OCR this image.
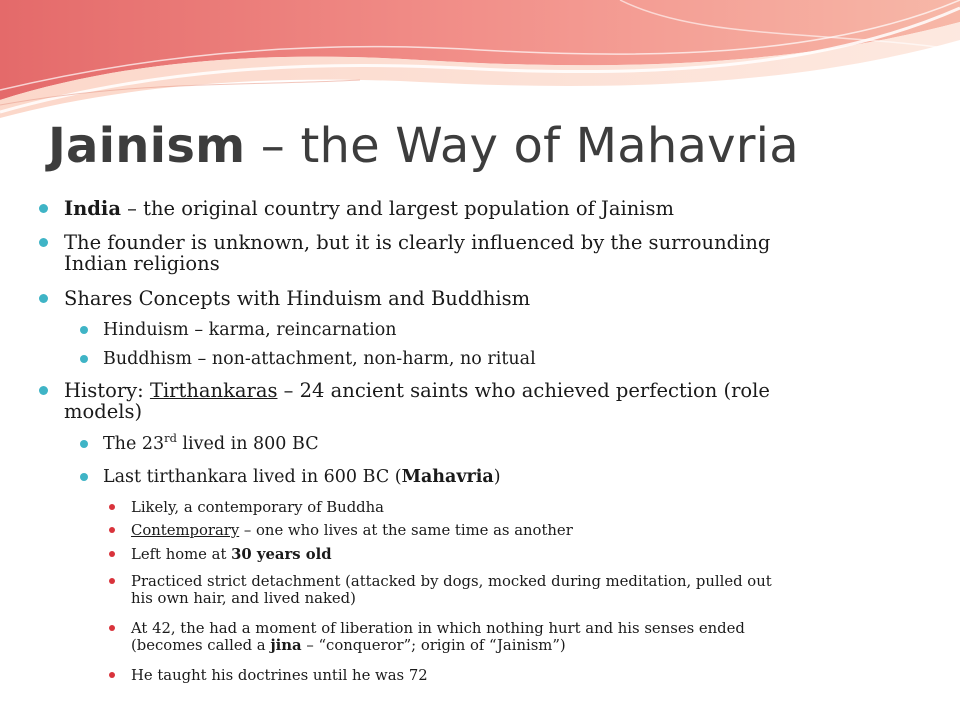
Jainism – the Way of Mahavria
India – the original country and largest population of Jainism
The founder is unknown, but it is clearly influenced by the surrounding
Indian religions
Shares Concepts with Hinduism and Buddhism
Hinduism – karma, reincarnation
Buddhism – non-attachment, non-harm, no ritual
History: Tirthankaras – 24 ancient saints who achieved perfection (role
models)
The 23rd lived in 800 BC
Last tirthankara lived in 600 BC (Mahavria)
Likely, a contemporary of Buddha
Contemporary – one who lives at the same time as another
Left home at 30 years old
Practiced strict detachment (attacked by dogs, mocked during meditation, pulled out
his own hair, and lived naked)
At 42, the had a moment of liberation in which nothing hurt and his senses ended
(becomes called a jina – “conqueror”; origin of “Jainism”)
He taught his doctrines until he was 72
